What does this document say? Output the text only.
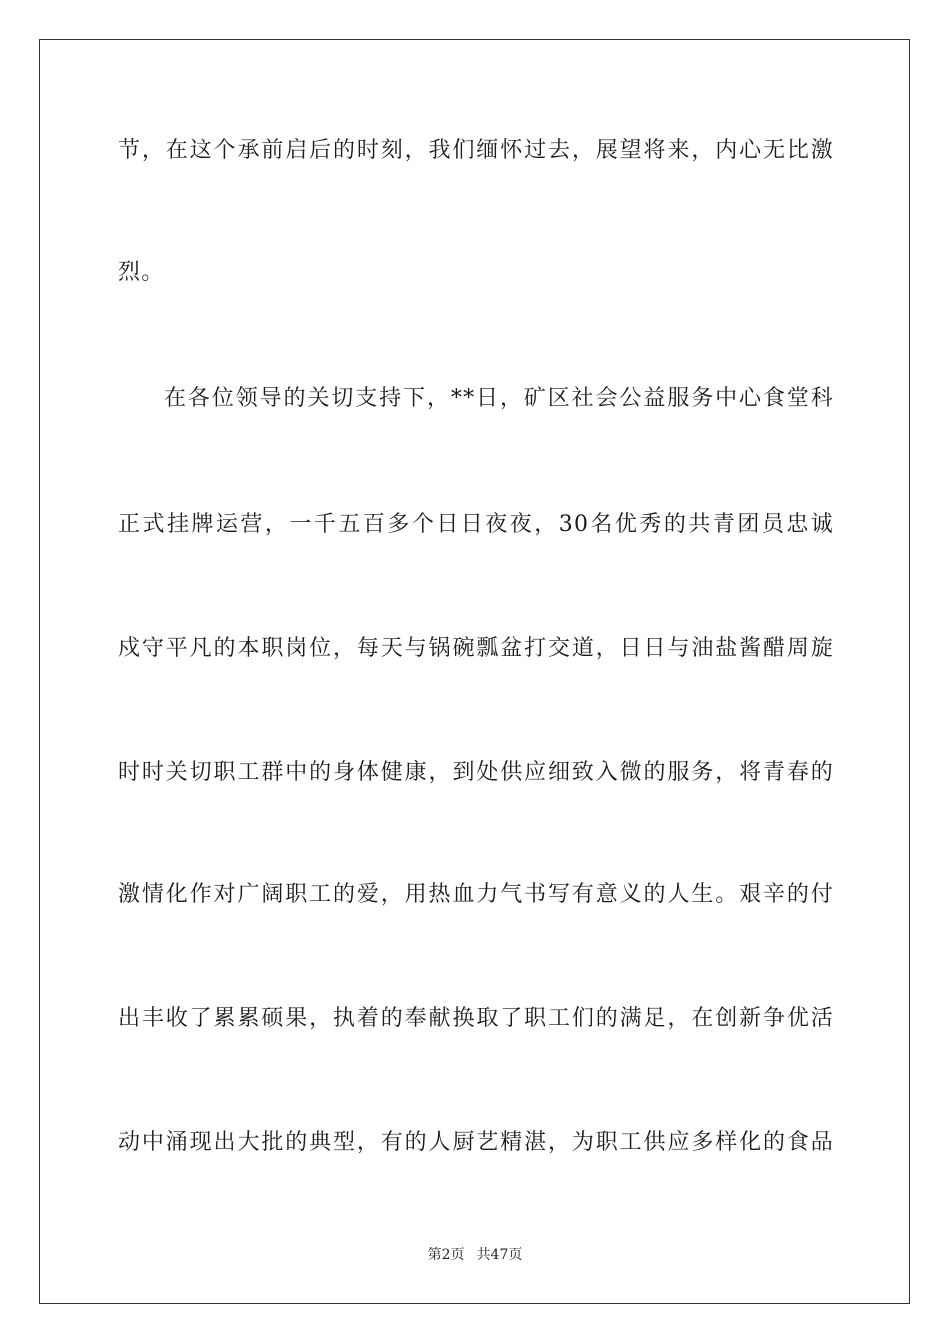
节，在这个承前启后的时刻，我们缅怀过去，展望将来，内心无比激
烈。
在各位领导的关切支持下，**日，矿区社会公益服务中心食堂科
正式挂牌运营，一千五百多个日日夜夜，30名优秀的共青团员忠诚
戍守平凡的本职岗位，每天与锅碗瓢盆打交道，日日与油盐酱醋周旋
时时关切职工群中的身体健康，到处供应细致入微的服务，将青春的
激情化作对广阔职工的爱，用热血力气书写有意义的人生。艰辛的付
出丰收了累累硕果，执着的奉献换取了职工们的满足，在创新争优活
动中涌现出大批的典型，有的人厨艺精湛，为职工供应多样化的食品
第2页 共47页
